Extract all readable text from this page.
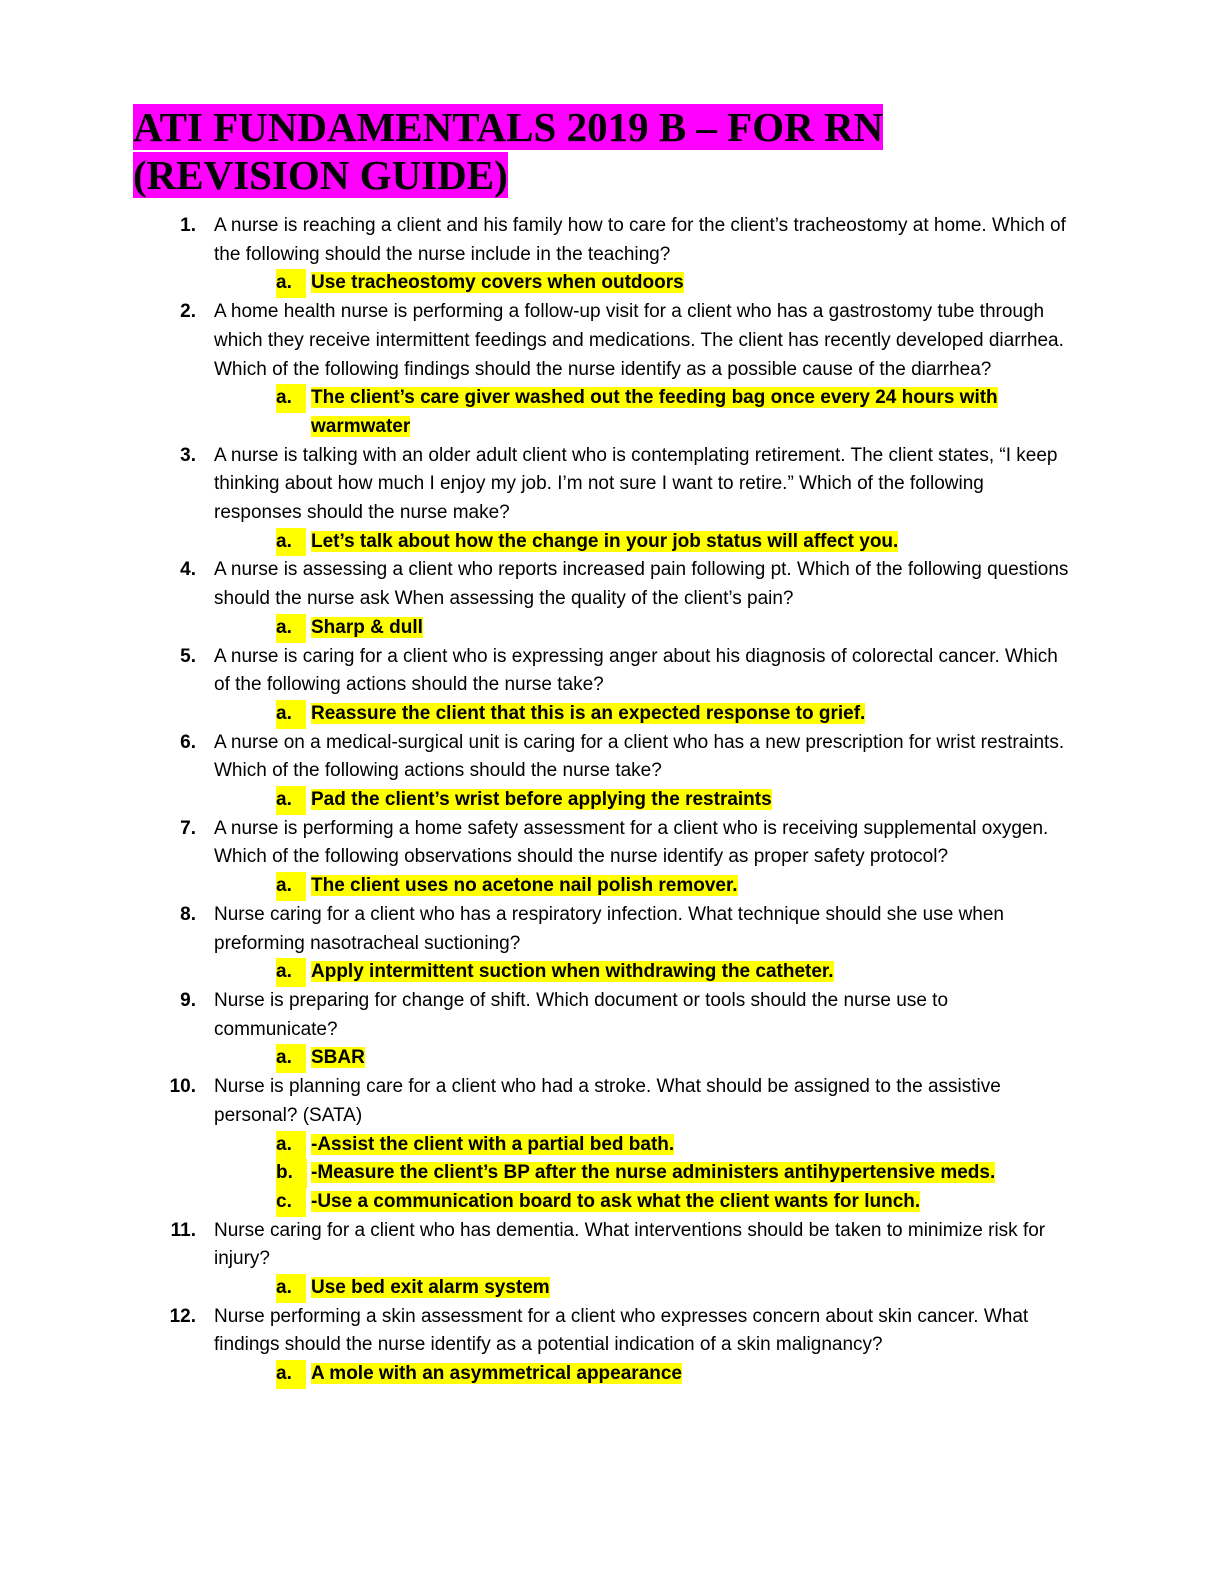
ATI FUNDAMENTALS 2019 B – FOR RN
(REVISION GUIDE)
1. A nurse is reaching a client and his family how to care for the client’s tracheostomy at home. Which of the following should the nurse include in the teaching?
a.	Use tracheostomy covers when outdoors
2. A home health nurse is performing a follow-up visit for a client who has a gastrostomy tube through which they receive intermittent feedings and medications. The client has recently developed diarrhea. Which of the following findings should the nurse identify as a possible cause of the diarrhea?
a.	The client’s care giver washed out the feeding bag once every 24 hours with warmwater
3. A nurse is talking with an older adult client who is contemplating retirement. The client states, “I keep thinking about how much I enjoy my job. I’m not sure I want to retire.” Which of the following responses should the nurse make?
a.	Let’s talk about how the change in your job status will affect you.
4. A nurse is assessing a client who reports increased pain following pt. Which of the following questions should the nurse ask When assessing the quality of the client’s pain?
a.	Sharp & dull
5. A nurse is caring for a client who is expressing anger about his diagnosis of colorectal cancer. Which of the following actions should the nurse take?
a.	Reassure the client that this is an expected response to grief.
6. A nurse on a medical-surgical unit is caring for a client who has a new prescription for wrist restraints. Which of the following actions should the nurse take?
a.	Pad the client’s wrist before applying the restraints
7. A nurse is performing a home safety assessment for a client who is receiving supplemental oxygen. Which of the following observations should the nurse identify as proper safety protocol?
a.	The client uses no acetone nail polish remover.
8. Nurse caring for a client who has a respiratory infection. What technique should she use when preforming nasotracheal suctioning?
a.	Apply intermittent suction when withdrawing the catheter.
9. Nurse is preparing for change of shift. Which document or tools should the nurse use to communicate?
a.	SBAR
10. Nurse is planning care for a client who had a stroke. What should be assigned to the assistive personal? (SATA)
a.	-Assist the client with a partial bed bath.
b. -Measure the client’s BP after the nurse administers antihypertensive meds.
c.	-Use a communication board to ask what the client wants for lunch.
11. Nurse caring for a client who has dementia. What interventions should be taken to minimize risk for injury?
a.	Use bed exit alarm system
12. Nurse performing a skin assessment for a client who expresses concern about skin cancer. What findings should the nurse identify as a potential indication of a skin malignancy?
a.	A mole with an asymmetrical appearance
